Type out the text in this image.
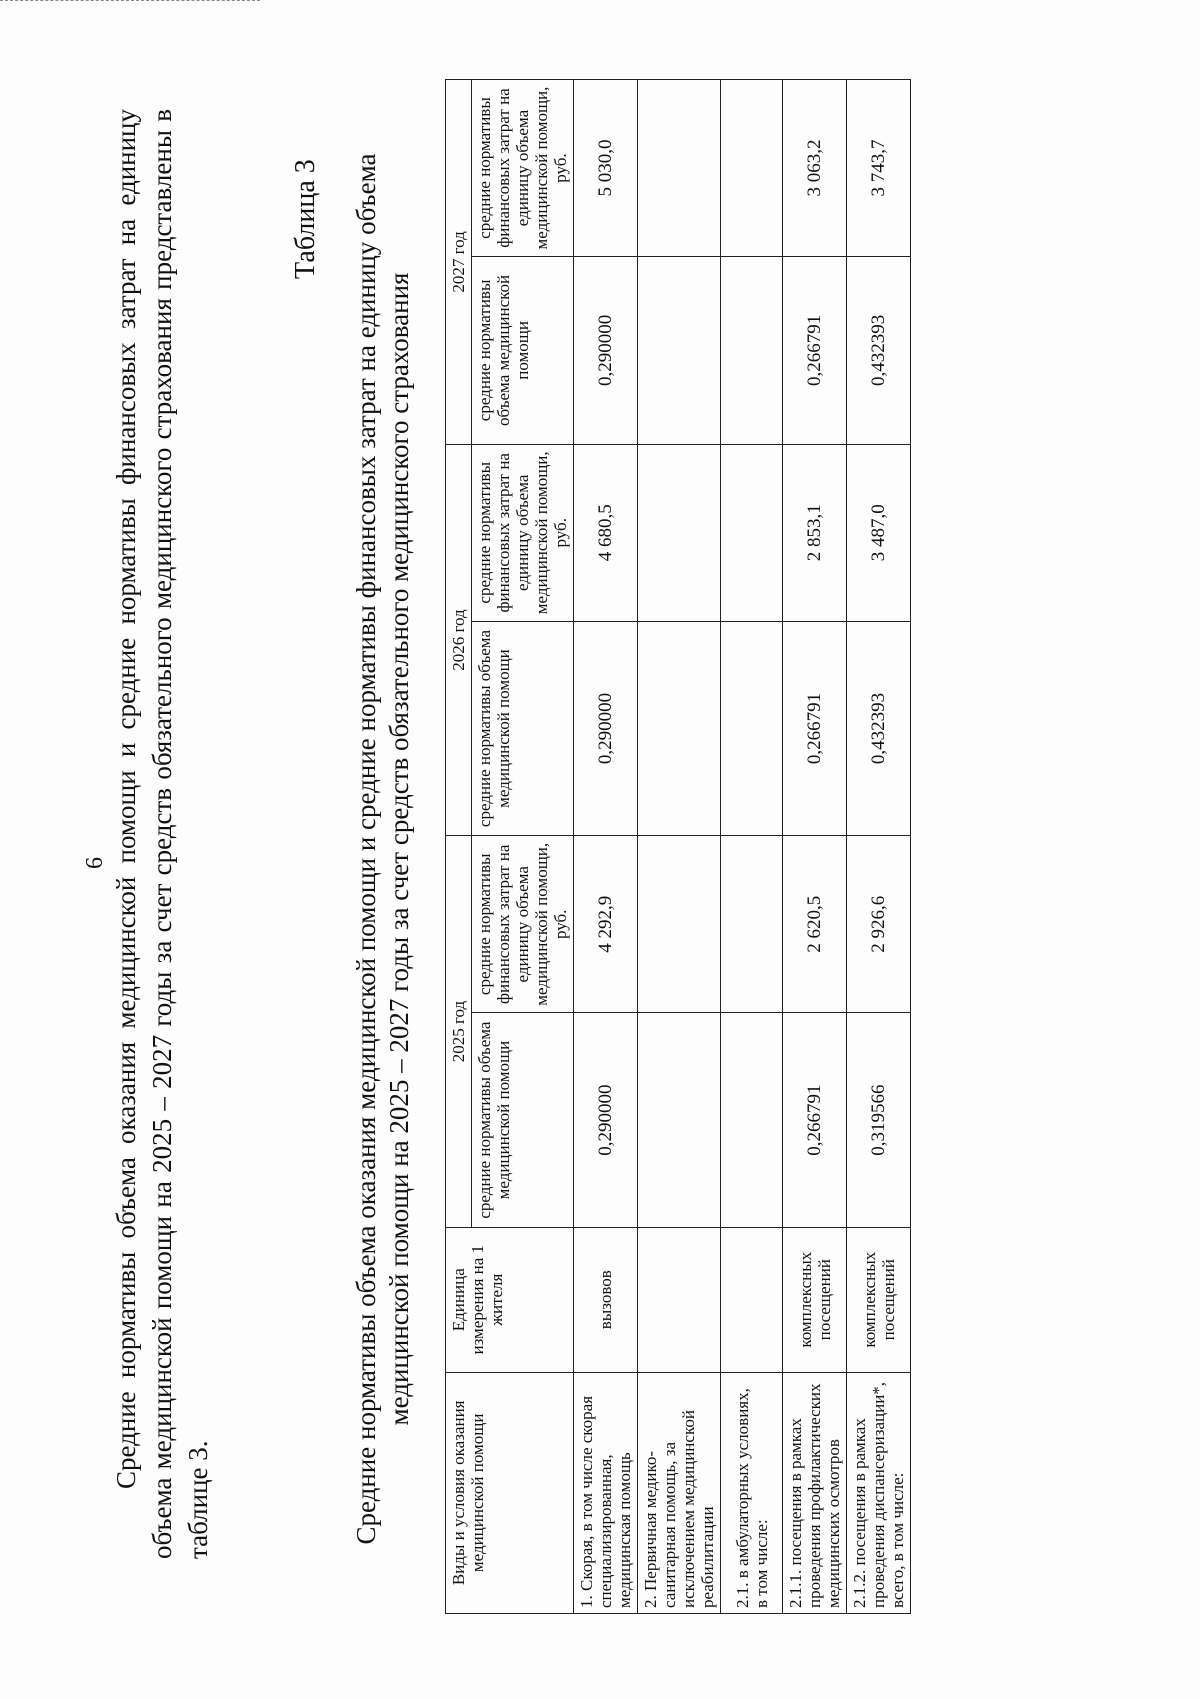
6 Средние нормативы объема оказания медицинской помощи и средние нормативы финансовых затрат на единицу объема медицинской помощи на 2025 – 2027 годы за счет средств обязательного медицинского страхования представлены в таблице 3.

Таблица 3 Средние нормативы объема оказания медицинской помощи и средние нормативы финансовых затрат на единицу объема медицинской помощи на 2025 – 2027 годы за счет средств обязательного медицинского страхования
Виды и условия оказания медицинской помощи	Единица измерения на 1 жителя	2025 год		2026 год		2027 год	
		средние нормативы объема медицинской помощи	средние нормативы финансовых затрат на единицу объема медицинской помощи, руб.	средние нормативы объема медицинской помощи	средние нормативы финансовых затрат на единицу объема медицинской помощи, руб.	средние нормативы объема медицинской помощи	средние нормативы финансовых затрат на единицу объема медицинской помощи, руб.
1. Скорая, в том числе скорая специализированная, медицинская помощь	вызовов	0,290000	4 292,9	0,290000	4 680,5	0,290000	5 030,0
2. Первичная медико-санитарная помощь, за исключением медицинской реабилитации							
2.1. в амбулаторных условиях, в том числе:							
2.1.1. посещения в рамках проведения профилактических медицинских осмотров	комплексных посещений	0,266791	2 620,5	0,266791	2 853,1	0,266791	3 063,2
2.1.2. посещения в рамках проведения диспансеризации*, всего, в том числе:	комплексных посещений	0,319566	2 926,6	0,432393	3 487,0	0,432393	3 743,7
